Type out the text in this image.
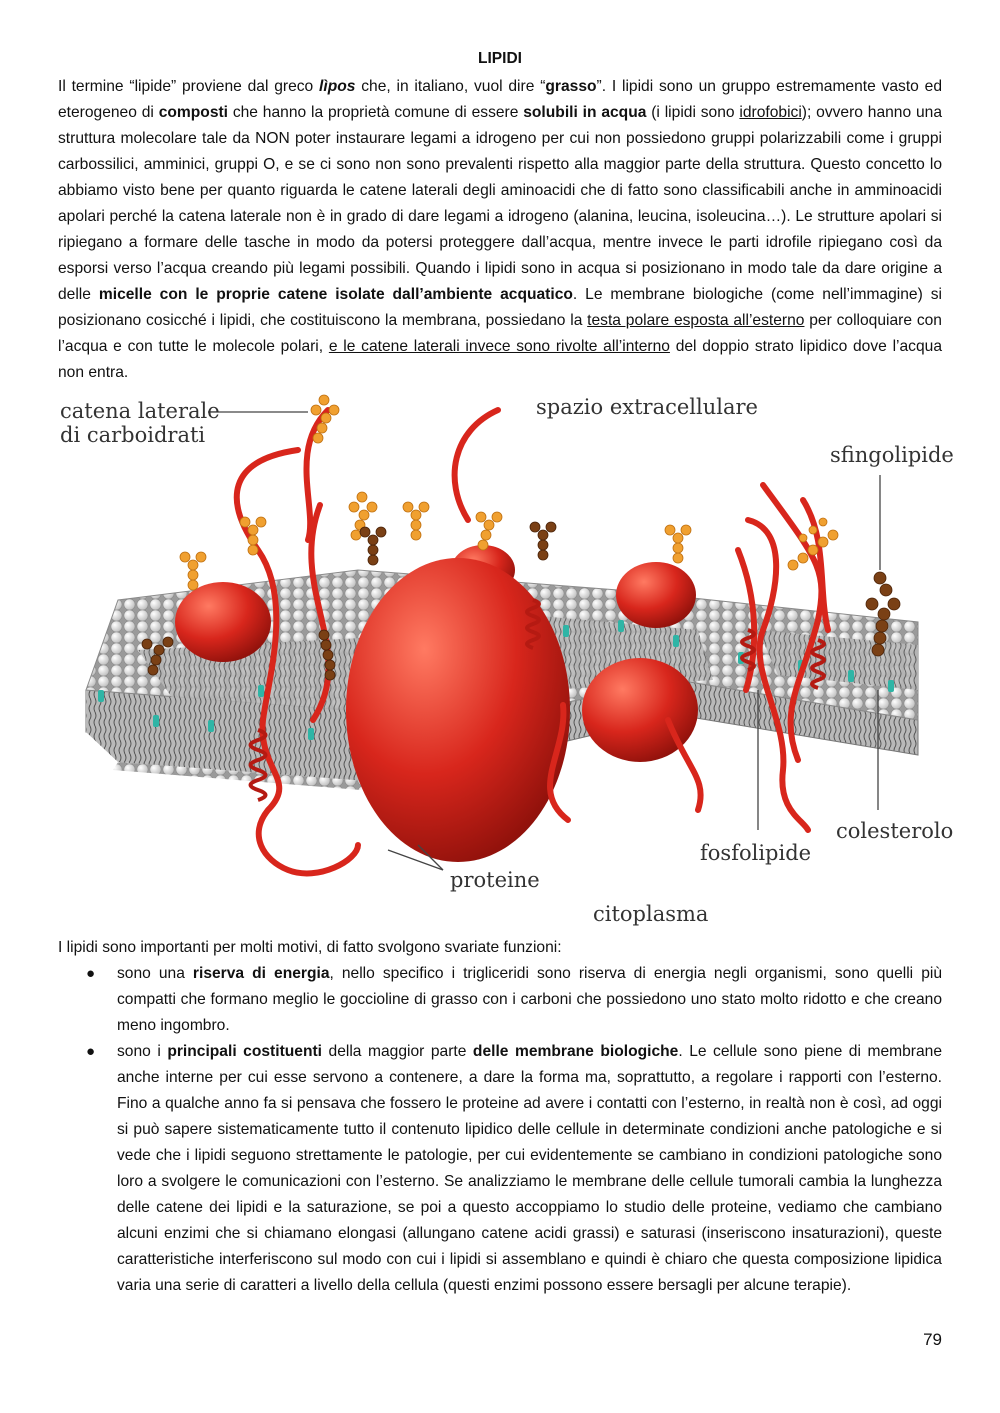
LIPIDI

Il termine “lipide” proviene dal greco lìpos che, in italiano, vuol dire “grasso”. I lipidi sono un gruppo estremamente vasto ed eterogeneo di composti che hanno la proprietà comune di essere solubili in acqua (i lipidi sono idrofobici); ovvero hanno una struttura molecolare tale da NON poter instaurare legami a idrogeno per cui non possiedono gruppi polarizzabili come i gruppi carbossilici, amminici, gruppi O, e se ci sono non sono prevalenti rispetto alla maggior parte della struttura. Questo concetto lo abbiamo visto bene per quanto riguarda le catene laterali degli aminoacidi che di fatto sono classificabili anche in amminoacidi apolari perché la catena laterale non è in grado di dare legami a idrogeno (alanina, leucina, isoleucina…). Le strutture apolari si ripiegano a formare delle tasche in modo da potersi proteggere dall’acqua, mentre invece le parti idrofile ripiegano così da esporsi verso l’acqua creando più legami possibili. Quando i lipidi sono in acqua si posizionano in modo tale da dare origine a delle micelle con le proprie catene isolate dall’ambiente acquatico. Le membrane biologiche (come nell’immagine) si posizionano cosicché i lipidi, che costituiscono la membrana, possiedano la testa polare esposta all’esterno per colloquiare con l’acqua e con tutte le molecole polari, e le catene laterali invece sono rivolte all’interno del doppio strato lipidico dove l’acqua non entra.

catena laterale
di carboidrati
spazio extracellulare
sfingolipide
colesterolo
fosfolipide
proteine
citoplasma

I lipidi sono importanti per molti motivi, di fatto svolgono svariate funzioni:

● sono una riserva di energia, nello specifico i trigliceridi sono riserva di energia negli organismi, sono quelli più compatti che formano meglio le goccioline di grasso con i carboni che possiedono uno stato molto ridotto e che creano meno ingombro.
● sono i principali costituenti della maggior parte delle membrane biologiche. Le cellule sono piene di membrane anche interne per cui esse servono a contenere, a dare la forma ma, soprattutto, a regolare i rapporti con l’esterno. Fino a qualche anno fa si pensava che fossero le proteine ad avere i contatti con l’esterno, in realtà non è così, ad oggi si può sapere sistematicamente tutto il contenuto lipidico delle cellule in determinate condizioni anche patologiche e si vede che i lipidi seguono strettamente le patologie, per cui evidentemente se cambiano in condizioni patologiche sono loro a svolgere le comunicazioni con l’esterno. Se analizziamo le membrane delle cellule tumorali cambia la lunghezza delle catene dei lipidi e la saturazione, se poi a questo accoppiamo lo studio delle proteine, vediamo che cambiano alcuni enzimi che si chiamano elongasi (allungano catene acidi grassi) e saturasi (inseriscono insaturazioni), queste caratteristiche interferiscono sul modo con cui i lipidi si assemblano e quindi è chiaro che questa composizione lipidica varia una serie di caratteri a livello della cellula (questi enzimi possono essere bersagli per alcune terapie).
79
